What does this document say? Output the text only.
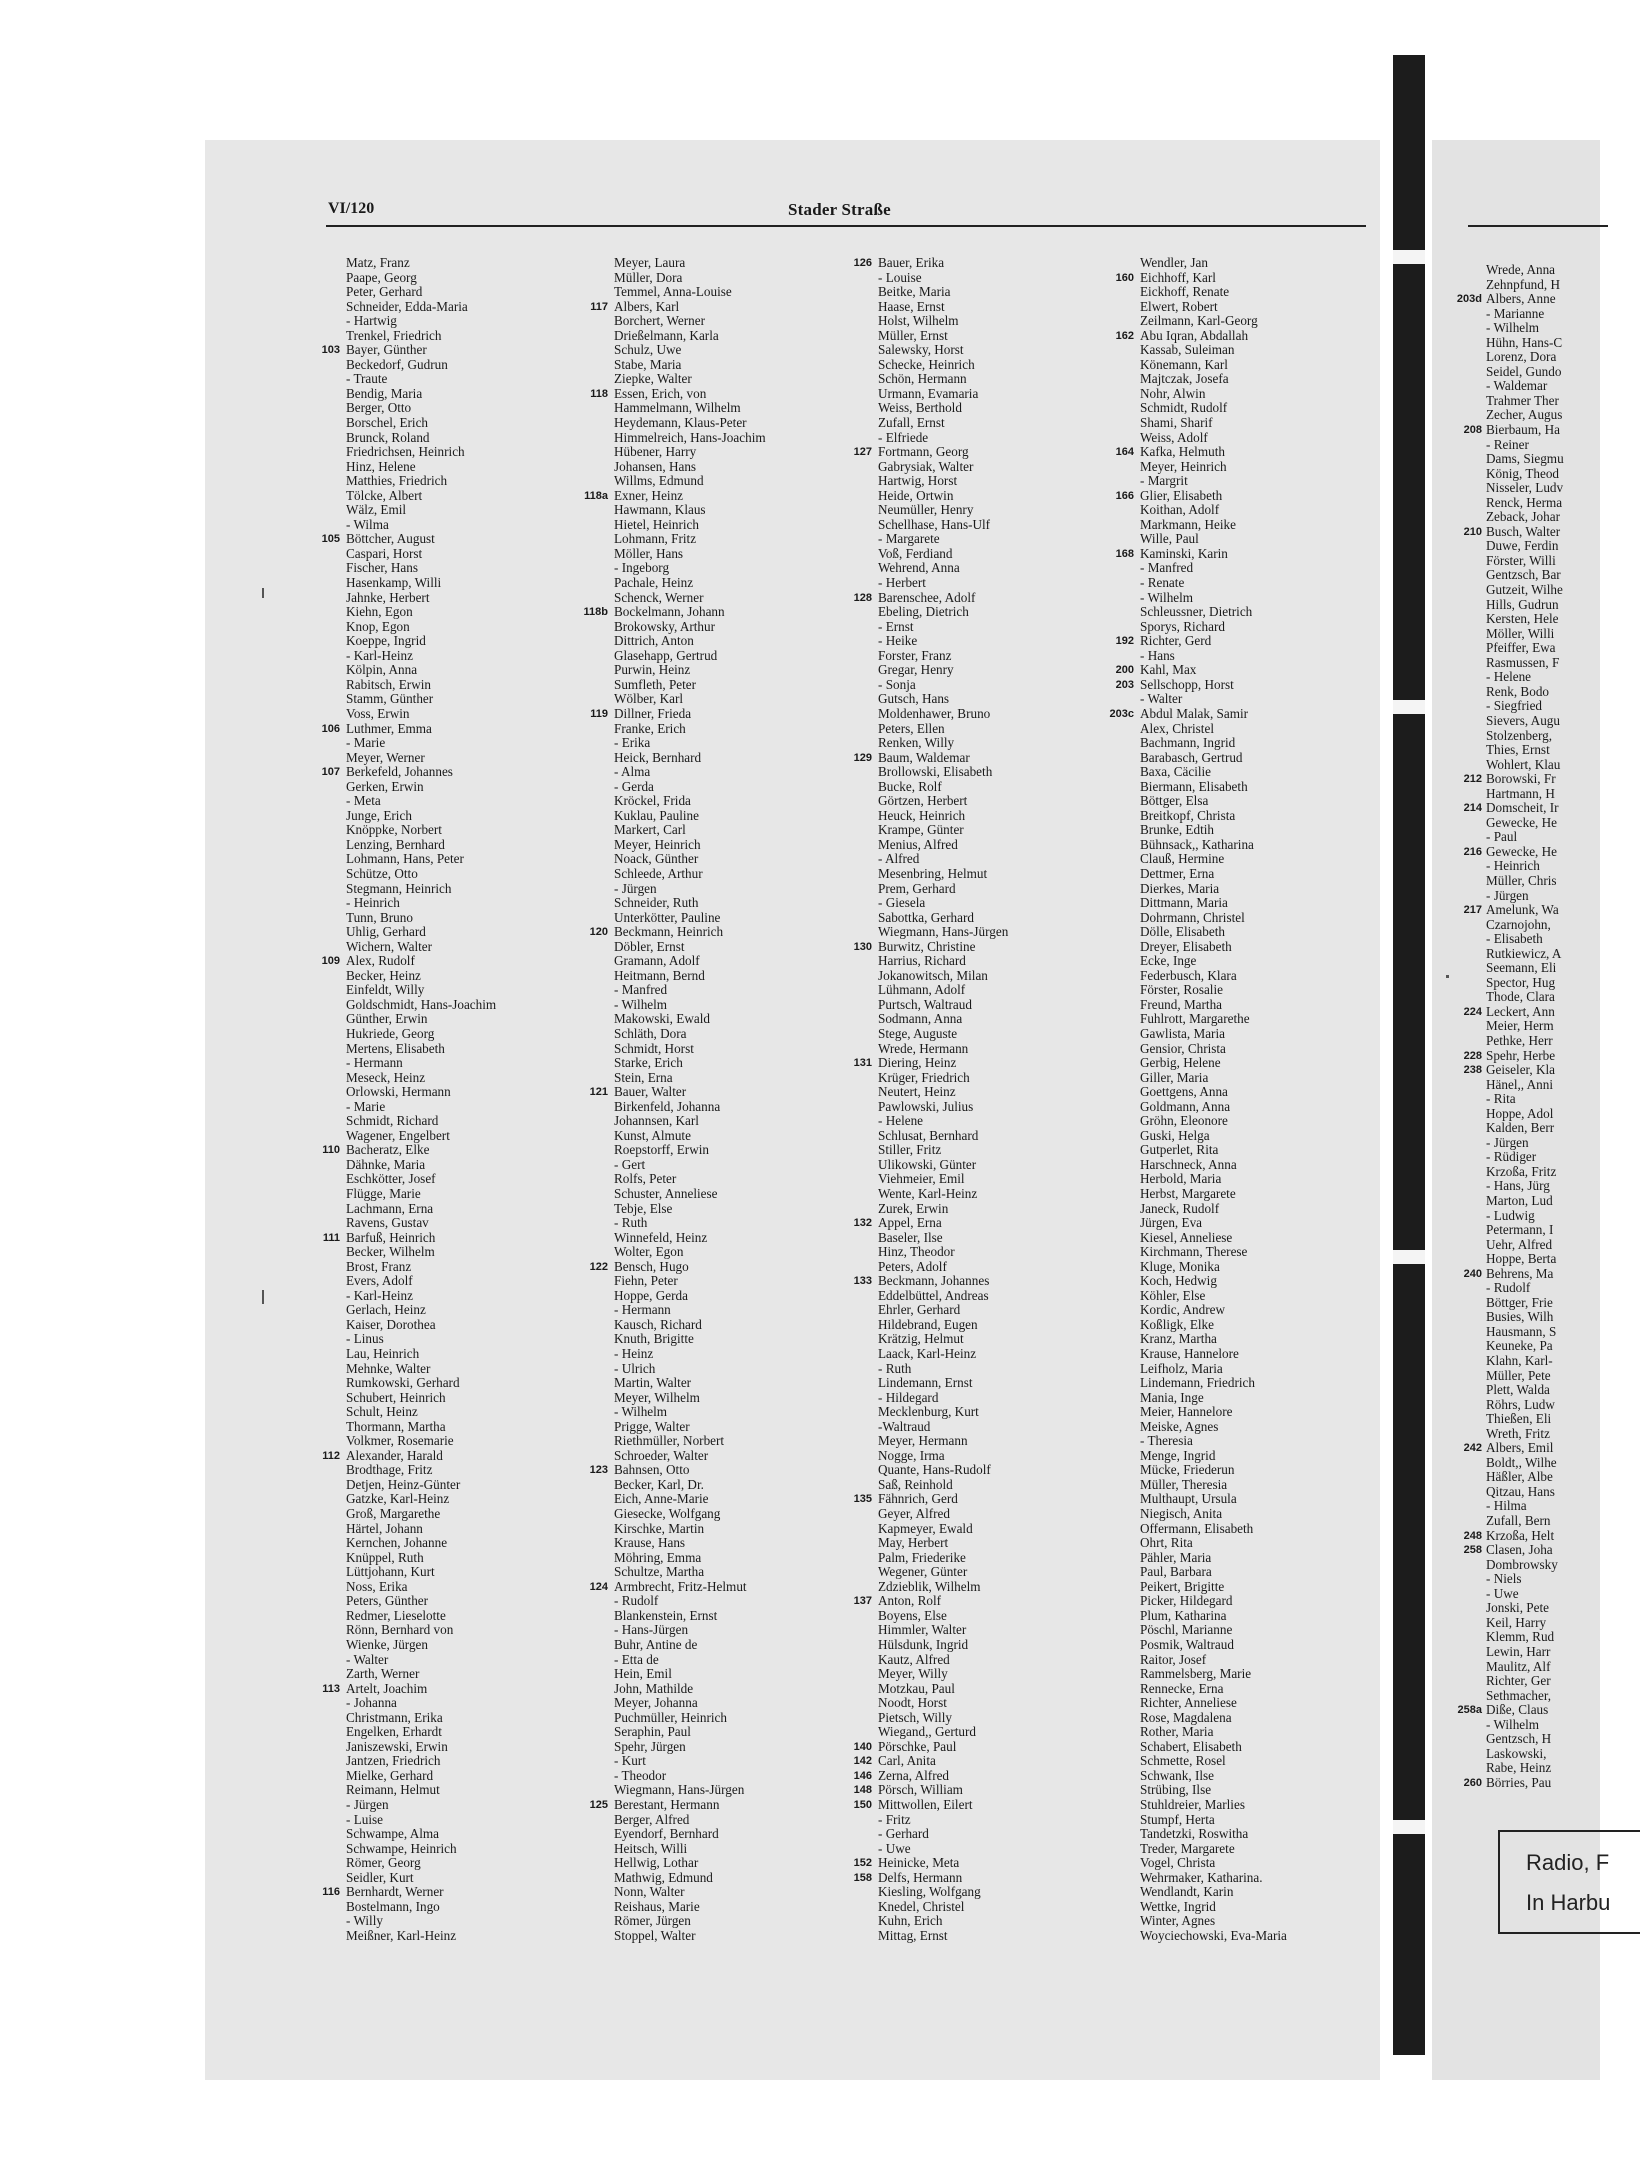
VI/120	Stader Straße
Matz, Franz
Paape, Georg
Peter, Gerhard
Schneider, Edda-Maria
- Hartwig
Trenkel, Friedrich
103 Bayer, Günther
Beckedorf, Gudrun
- Traute
Bendig, Maria
Berger, Otto
Borschel, Erich
Brunck, Roland
Friedrichsen, Heinrich
Hinz, Helene
Matthies, Friedrich
Tölcke, Albert
Wälz, Emil
- Wilma
105 Böttcher, August
Caspari, Horst
Fischer, Hans
Hasenkamp, Willi
Jahnke, Herbert
Kiehn, Egon
Knop, Egon
Koeppe, Ingrid
- Karl-Heinz
Kölpin, Anna
Rabitsch, Erwin
Stamm, Günther
Voss, Erwin
106 Luthmer, Emma
- Marie
Meyer, Werner
107 Berkefeld, Johannes
Gerken, Erwin
- Meta
Junge, Erich
Knöppke, Norbert
Lenzing, Bernhard
Lohmann, Hans, Peter
Schütze, Otto
Stegmann, Heinrich
- Heinrich
Tunn, Bruno
Uhlig, Gerhard
Wichern, Walter
109 Alex, Rudolf
Becker, Heinz
Einfeldt, Willy
Goldschmidt, Hans-Joachim
Günther, Erwin
Hukriede, Georg
Mertens, Elisabeth
- Hermann
Meseck, Heinz
Orlowski, Hermann
- Marie
Schmidt, Richard
Wagener, Engelbert
110 Bacheratz, Elke
Dähnke, Maria
Eschkötter, Josef
Flügge, Marie
Lachmann, Erna
Ravens, Gustav
111 Barfuß, Heinrich
Becker, Wilhelm
Brost, Franz
Evers, Adolf
- Karl-Heinz
Gerlach, Heinz
Kaiser, Dorothea
- Linus
Lau, Heinrich
Mehnke, Walter
Rumkowski, Gerhard
Schubert, Heinrich
Schult, Heinz
Thormann, Martha
Volkmer, Rosemarie
112 Alexander, Harald
Brodthage, Fritz
Detjen, Heinz-Günter
Gatzke, Karl-Heinz
Groß, Margarethe
Härtel, Johann
Kernchen, Johanne
Knüppel, Ruth
Lüttjohann, Kurt
Noss, Erika
Peters, Günther
Redmer, Lieselotte
Rönn, Bernhard von
Wienke, Jürgen
- Walter
Zarth, Werner
113 Artelt, Joachim
- Johanna
Christmann, Erika
Engelken, Erhardt
Janiszewski, Erwin
Jantzen, Friedrich
Mielke, Gerhard
Reimann, Helmut
- Jürgen
- Luise
Schwampe, Alma
Schwampe, Heinrich
Römer, Georg
Seidler, Kurt
116 Bernhardt, Werner
Bostelmann, Ingo
- Willy
Meißner, Karl-Heinz
Meyer, Laura
Müller, Dora
Temmel, Anna-Louise
117 Albers, Karl
Borchert, Werner
Drießelmann, Karla
Schulz, Uwe
Stabe, Maria
Ziepke, Walter
118 Essen, Erich, von
Hammelmann, Wilhelm
Heydemann, Klaus-Peter
Himmelreich, Hans-Joachim
Hübener, Harry
Johansen, Hans
Willms, Edmund
118a Exner, Heinz
Hawmann, Klaus
Hietel, Heinrich
Lohmann, Fritz
Möller, Hans
- Ingeborg
Pachale, Heinz
Schenck, Werner
118b Bockelmann, Johann
Brokowsky, Arthur
Dittrich, Anton
Glasehapp, Gertrud
Purwin, Heinz
Sumfleth, Peter
Wölber, Karl
119 Dillner, Frieda
Franke, Erich
- Erika
Heick, Bernhard
- Alma
- Gerda
Kröckel, Frida
Kuklau, Pauline
Markert, Carl
Meyer, Heinrich
Noack, Günther
Schleede, Arthur
- Jürgen
Schneider, Ruth
Unterkötter, Pauline
120 Beckmann, Heinrich
Döbler, Ernst
Gramann, Adolf
Heitmann, Bernd
- Manfred
- Wilhelm
Makowski, Ewald
Schläth, Dora
Schmidt, Horst
Starke, Erich
Stein, Erna
121 Bauer, Walter
Birkenfeld, Johanna
Johannsen, Karl
Kunst, Almute
Roepstorff, Erwin
- Gert
Rolfs, Peter
Schuster, Anneliese
Tebje, Else
- Ruth
Winnefeld, Heinz
Wolter, Egon
122 Bensch, Hugo
Fiehn, Peter
Hoppe, Gerda
- Hermann
Kausch, Richard
Knuth, Brigitte
- Heinz
- Ulrich
Martin, Walter
Meyer, Wilhelm
- Wilhelm
Prigge, Walter
Riethmüller, Norbert
Schroeder, Walter
123 Bahnsen, Otto
Becker, Karl, Dr.
Eich, Anne-Marie
Giesecke, Wolfgang
Kirschke, Martin
Krause, Hans
Möhring, Emma
Schultze, Martha
124 Armbrecht, Fritz-Helmut
- Rudolf
Blankenstein, Ernst
- Hans-Jürgen
Buhr, Antine de
- Etta de
Hein, Emil
John, Mathilde
Meyer, Johanna
Puchmüller, Heinrich
Seraphin, Paul
Spehr, Jürgen
- Kurt
- Theodor
Wiegmann, Hans-Jürgen
125 Berestant, Hermann
Berger, Alfred
Eyendorf, Bernhard
Heitsch, Willi
Hellwig, Lothar
Mathwig, Edmund
Nonn, Walter
Reishaus, Marie
Römer, Jürgen
Stoppel, Walter
126 Bauer, Erika
- Louise
Beitke, Maria
Haase, Ernst
Holst, Wilhelm
Müller, Ernst
Salewsky, Horst
Schecke, Heinrich
Schön, Hermann
Urmann, Evamaria
Weiss, Berthold
Zufall, Ernst
- Elfriede
127 Fortmann, Georg
Gabrysiak, Walter
Hartwig, Horst
Heide, Ortwin
Neumüller, Henry
Schellhase, Hans-Ulf
- Margarete
Voß, Ferdiand
Wehrend, Anna
- Herbert
128 Barenschee, Adolf
Ebeling, Dietrich
- Ernst
- Heike
Forster, Franz
Gregar, Henry
- Sonja
Gutsch, Hans
Moldenhawer, Bruno
Peters, Ellen
Renken, Willy
129 Baum, Waldemar
Brollowski, Elisabeth
Bucke, Rolf
Görtzen, Herbert
Heuck, Heinrich
Krampe, Günter
Menius, Alfred
- Alfred
Mesenbring, Helmut
Prem, Gerhard
- Giesela
Sabottka, Gerhard
Wiegmann, Hans-Jürgen
130 Burwitz, Christine
Harrius, Richard
Jokanowitsch, Milan
Lühmann, Adolf
Purtsch, Waltraud
Sodmann, Anna
Stege, Auguste
Wrede, Hermann
131 Diering, Heinz
Krüger, Friedrich
Neutert, Heinz
Pawlowski, Julius
- Helene
Schlusat, Bernhard
Stiller, Fritz
Ulikowski, Günter
Viehmeier, Emil
Wente, Karl-Heinz
Zurek, Erwin
132 Appel, Erna
Baseler, Ilse
Hinz, Theodor
Peters, Adolf
133 Beckmann, Johannes
Eddelbüttel, Andreas
Ehrler, Gerhard
Hildebrand, Eugen
Krätzig, Helmut
Laack, Karl-Heinz
- Ruth
Lindemann, Ernst
- Hildegard
Mecklenburg, Kurt
-Waltraud
Meyer, Hermann
Nogge, Irma
Quante, Hans-Rudolf
Saß, Reinhold
135 Fähnrich, Gerd
Geyer, Alfred
Kapmeyer, Ewald
May, Herbert
Palm, Friederike
Wegener, Günter
Zdzieblik, Wilhelm
137 Anton, Rolf
Boyens, Else
Himmler, Walter
Hülsdunk, Ingrid
Kautz, Alfred
Meyer, Willy
Motzkau, Paul
Noodt, Horst
Pietsch, Willy
Wiegand,, Gerturd
140 Pörschke, Paul
142 Carl, Anita
146 Zerna, Alfred
148 Pörsch, William
150 Mittwollen, Eilert
- Fritz
- Gerhard
- Uwe
152 Heinicke, Meta
158 Delfs, Hermann
Kiesling, Wolfgang
Knedel, Christel
Kuhn, Erich
Mittag, Ernst
Wendler, Jan
160 Eichhoff, Karl
Eickhoff, Renate
Elwert, Robert
Zeilmann, Karl-Georg
162 Abu Iqran, Abdallah
Kassab, Suleiman
Könemann, Karl
Majtczak, Josefa
Nohr, Alwin
Schmidt, Rudolf
Shami, Sharif
Weiss, Adolf
164 Kafka, Helmuth
Meyer, Heinrich
- Margrit
166 Glier, Elisabeth
Koithan, Adolf
Markmann, Heike
Wille, Paul
168 Kaminski, Karin
- Manfred
- Renate
- Wilhelm
Schleussner, Dietrich
Sporys, Richard
192 Richter, Gerd
- Hans
200 Kahl, Max
203 Sellschopp, Horst
- Walter
203c Abdul Malak, Samir
Alex, Christel
Bachmann, Ingrid
Barabasch, Gertrud
Baxa, Cäcilie
Biermann, Elisabeth
Böttger, Elsa
Breitkopf, Christa
Brunke, Edtih
Bühnsack,, Katharina
Clauß, Hermine
Dettmer, Erna
Dierkes, Maria
Dittmann, Maria
Dohrmann, Christel
Dölle, Elisabeth
Dreyer, Elisabeth
Ecke, Inge
Federbusch, Klara
Förster, Rosalie
Freund, Martha
Fuhlrott, Margarethe
Gawlista, Maria
Gensior, Christa
Gerbig, Helene
Giller, Maria
Goettgens, Anna
Goldmann, Anna
Gröhn, Eleonore
Guski, Helga
Gutperlet, Rita
Harschneck, Anna
Herbold, Maria
Herbst, Margarete
Janeck, Rudolf
Jürgen, Eva
Kiesel, Anneliese
Kirchmann, Therese
Kluge, Monika
Koch, Hedwig
Köhler, Else
Kordic, Andrew
Koßligk, Elke
Kranz, Martha
Krause, Hannelore
Leifholz, Maria
Lindemann, Friedrich
Mania, Inge
Meier, Hannelore
Meiske, Agnes
- Theresia
Menge, Ingrid
Mücke, Friederun
Müller, Theresia
Multhaupt, Ursula
Niegisch, Anita
Offermann, Elisabeth
Ohrt, Rita
Pähler, Maria
Paul, Barbara
Peikert, Brigitte
Picker, Hildegard
Plum, Katharina
Pöschl, Marianne
Posmik, Waltraud
Raitor, Josef
Rammelsberg, Marie
Rennecke, Erna
Richter, Anneliese
Rose, Magdalena
Rother, Maria
Schabert, Elisabeth
Schmette, Rosel
Schwank, Ilse
Strübing, Ilse
Stuhldreier, Marlies
Stumpf, Herta
Tandetzki, Roswitha
Treder, Margarete
Vogel, Christa
Wehrmaker, Katharina.
Wendlandt, Karin
Wettke, Ingrid
Winter, Agnes
Woyciechowski, Eva-Maria
Wrede, Anna
Zehnpfund, H
203d Albers, Anne
- Marianne
- Wilhelm
Hühn, Hans-C
Lorenz, Dora
Seidel, Gundo
- Waldemar
Trahmer Ther
Zecher, Augus
208 Bierbaum, Ha
- Reiner
Dams, Siegmu
König, Theod
Nisseler, Ludv
Renck, Herma
Zeback, Johar
210 Busch, Walter
Duwe, Ferdin
Förster, Willi
Gentzsch, Bar
Gutzeit, Wilhe
Hills, Gudrun
Kersten, Hele
Möller, Willi
Pfeiffer, Ewa
Rasmussen, F
- Helene
Renk, Bodo
- Siegfried
Sievers, Augu
Stolzenberg,
Thies, Ernst
Wohlert, Klau
212 Borowski, Fr
Hartmann, H
214 Domscheit, Ir
Gewecke, He
- Paul
216 Gewecke, He
- Heinrich
Müller, Chris
- Jürgen
217 Amelunk, Wa
Czarnojohn,
- Elisabeth
Rutkiewicz, A
Seemann, Eli
Spector, Hug
Thode, Clara
224 Leckert, Ann
Meier, Herm
Pethke, Herr
228 Spehr, Herbe
238 Geiseler, Kla
Hänel,, Anni
- Rita
Hoppe, Adol
Kalden, Berr
- Jürgen
- Rüdiger
Krzoßa, Fritz
- Hans, Jürg
Marton, Lud
- Ludwig
Petermann, I
Uehr, Alfred
Hoppe, Berta
240 Behrens, Ma
- Rudolf
Böttger, Frie
Busies, Wilh
Hausmann, S
Keuneke, Pa
Klahn, Karl-
Müller, Pete
Plett, Walda
Röhrs, Ludw
Thießen, Eli
Wreth, Fritz
242 Albers, Emil
Boldt,, Wilhe
Häßler, Albe
Qitzau, Hans
- Hilma
Zufall, Bern
248 Krzoßa, Helt
258 Clasen, Joha
Dombrowsky
- Niels
- Uwe
Jonski, Pete
Keil, Harry
Klemm, Rud
Lewin, Harr
Maulitz, Alf
Richter, Ger
Sethmacher,
258a Diße, Claus
- Wilhelm
Gentzsch, H
Laskowski,
Rabe, Heinz
260 Börries, Pau
Radio, F
In Harbu
